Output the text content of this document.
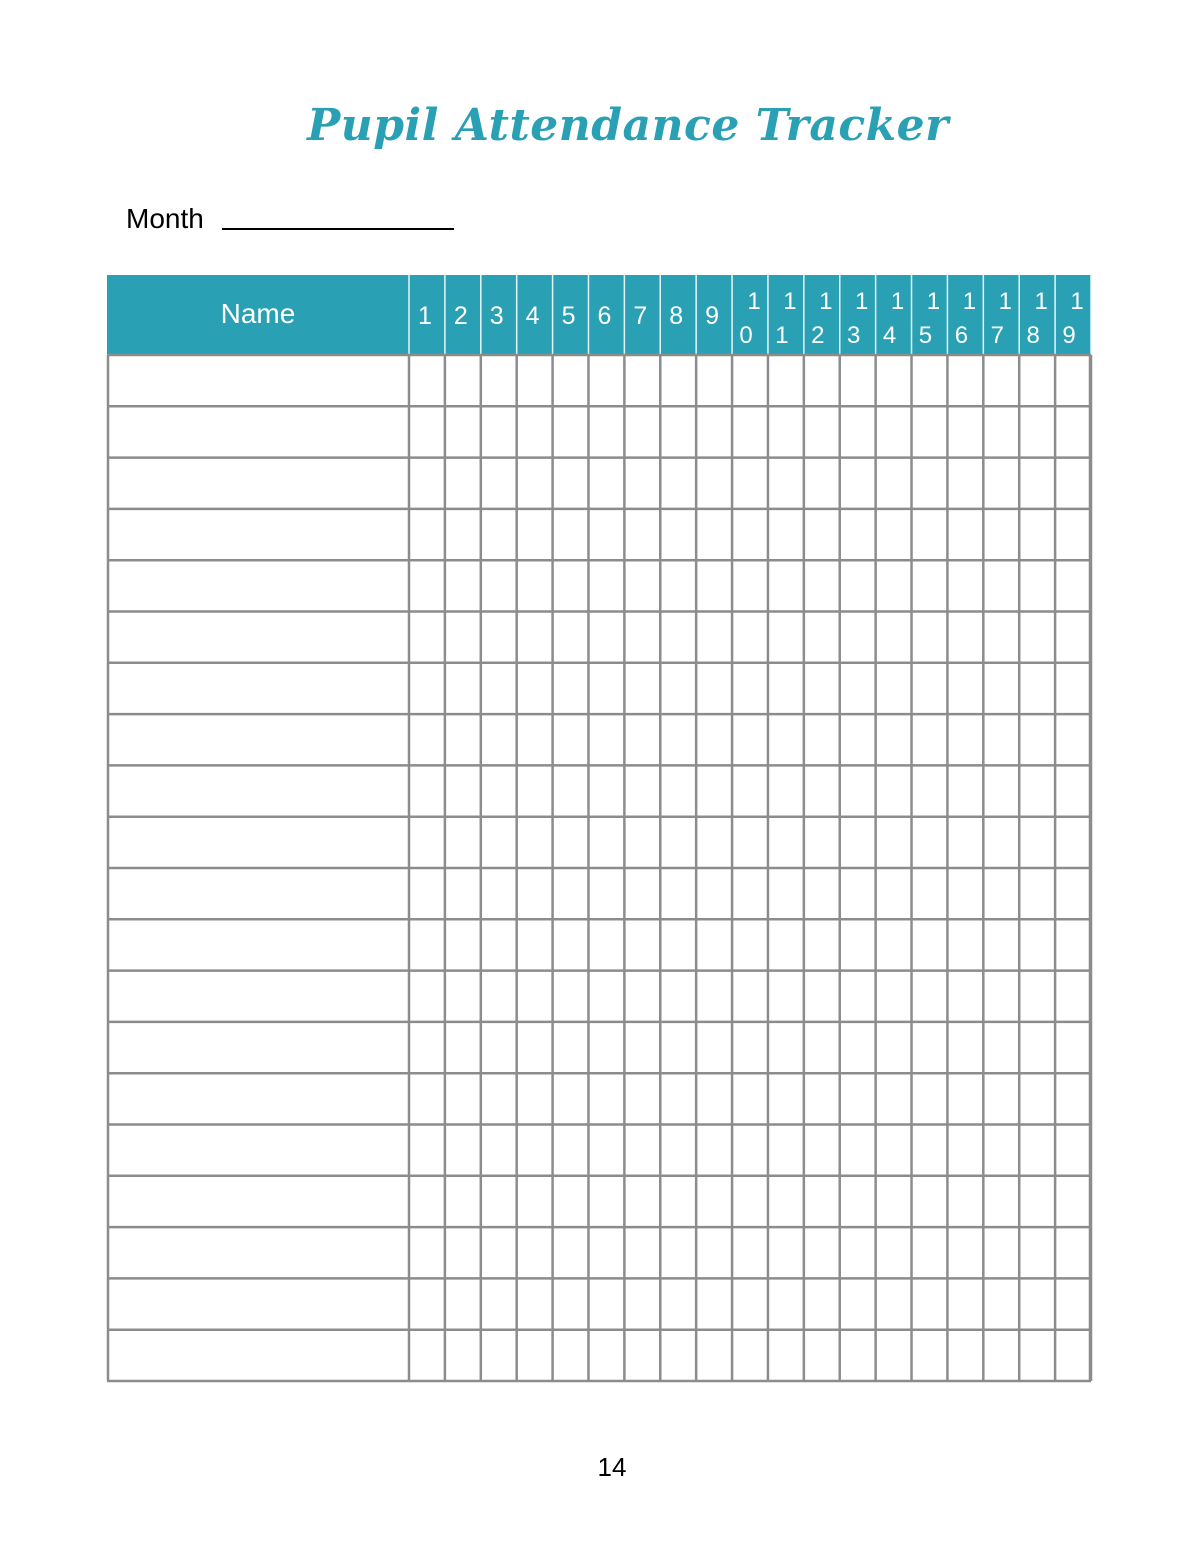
Pupil Attendance Tracker
Month
Name	1 2 3 4 5 6 7 8 9
1
0
1
1
1
2
1
3
1
4
1
5
1
6
1
7
1
8
1
9
14
